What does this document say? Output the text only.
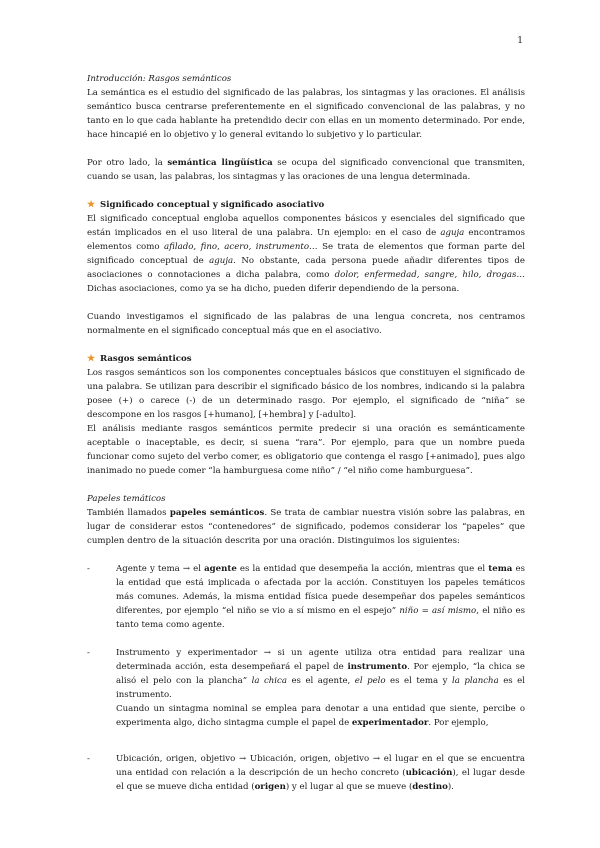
1

Introducción: Rasgos semánticos

La semántica es el estudio del significado de las palabras, los sintagmas y las oraciones. El análisis semántico busca centrarse preferentemente en el significado convencional de las palabras, y no tanto en lo que cada hablante ha pretendido decir con ellas en un momento determinado. Por ende, hace hincapié en lo objetivo y lo general evitando lo subjetivo y lo particular.

Por otro lado, la semántica lingüística se ocupa del significado convencional que transmiten, cuando se usan, las palabras, los sintagmas y las oraciones de una lengua determinada.

★ Significado conceptual y significado asociativo

El significado conceptual engloba aquellos componentes básicos y esenciales del significado que están implicados en el uso literal de una palabra. Un ejemplo: en el caso de aguja encontramos elementos como afilado, fino, acero, instrumento… Se trata de elementos que forman parte del significado conceptual de aguja. No obstante, cada persona puede añadir diferentes tipos de asociaciones o connotaciones a dicha palabra, como dolor, enfermedad, sangre, hilo, drogas… Dichas asociaciones, como ya se ha dicho, pueden diferir dependiendo de la persona.

Cuando investigamos el significado de las palabras de una lengua concreta, nos centramos normalmente en el significado conceptual más que en el asociativo.

★ Rasgos semánticos

Los rasgos semánticos son los componentes conceptuales básicos que constituyen el significado de una palabra. Se utilizan para describir el significado básico de los nombres, indicando si la palabra posee (+) o carece (-) de un determinado rasgo. Por ejemplo, el significado de “niña” se descompone en los rasgos [+humano], [+hembra] y [-adulto].

El análisis mediante rasgos semánticos permite predecir si una oración es semánticamente aceptable o inaceptable, es decir, si suena “rara”. Por ejemplo, para que un nombre pueda funcionar como sujeto del verbo comer, es obligatorio que contenga el rasgo [+animado], pues algo inanimado no puede comer “la hamburguesa come niño” / “el niño come hamburguesa”.

Papeles temáticos

También llamados papeles semánticos. Se trata de cambiar nuestra visión sobre las palabras, en lugar de considerar estos “contenedores” de significado, podemos considerar los “papeles” que cumplen dentro de la situación descrita por una oración. Distinguimos los siguientes:

-	Agente y tema → el agente es la entidad que desempeña la acción, mientras que el tema es la entidad que está implicada o afectada por la acción. Constituyen los papeles temáticos más comunes. Además, la misma entidad física puede desempeñar dos papeles semánticos diferentes, por ejemplo “el niño se vio a sí mismo en el espejo” niño = así mismo, el niño es tanto tema como agente.

-	Instrumento y experimentador → si un agente utiliza otra entidad para realizar una determinada acción, esta desempeñará el papel de instrumento. Por ejemplo, “la chica se alisó el pelo con la plancha” la chica es el agente, el pelo es el tema y la plancha es el instrumento.

Cuando un sintagma nominal se emplea para denotar a una entidad que siente, percibe o experimenta algo, dicho sintagma cumple el papel de experimentador. Por ejemplo,

-	Ubicación, origen, objetivo → Ubicación, origen, objetivo → el lugar en el que se encuentra una entidad con relación a la descripción de un hecho concreto (ubicación), el lugar desde el que se mueve dicha entidad (origen) y el lugar al que se mueve (destino).
